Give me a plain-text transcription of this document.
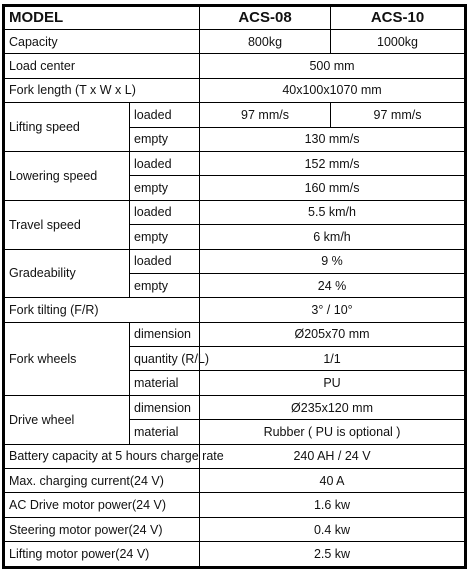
MODEL		ACS-08	ACS-10
Capacity		800kg	1000kg
Load center		500 mm	
Fork length (T x W x L)		40x100x1070 mm	
Lifting speed	loaded	97 mm/s	97 mm/s
	empty	130 mm/s	
Lowering speed	loaded	152 mm/s	
	empty	160 mm/s	
Travel speed	loaded	5.5 km/h	
	empty	6 km/h	
Gradeability	loaded	9 %	
	empty	24 %	
Fork tilting (F/R)		3° / 10°	
Fork wheels	dimension	Ø205x70 mm	
	quantity (R/L)	1/1	
	material	PU	
Drive wheel	dimension	Ø235x120 mm	
	material	Rubber ( PU is optional )	
Battery capacity at 5 hours charge rate		240 AH / 24 V	
Max. charging current(24 V)		40 A	
AC Drive motor power(24 V)		1.6 kw	
Steering motor power(24 V)		0.4 kw	
Lifting motor power(24 V)		2.5 kw	
